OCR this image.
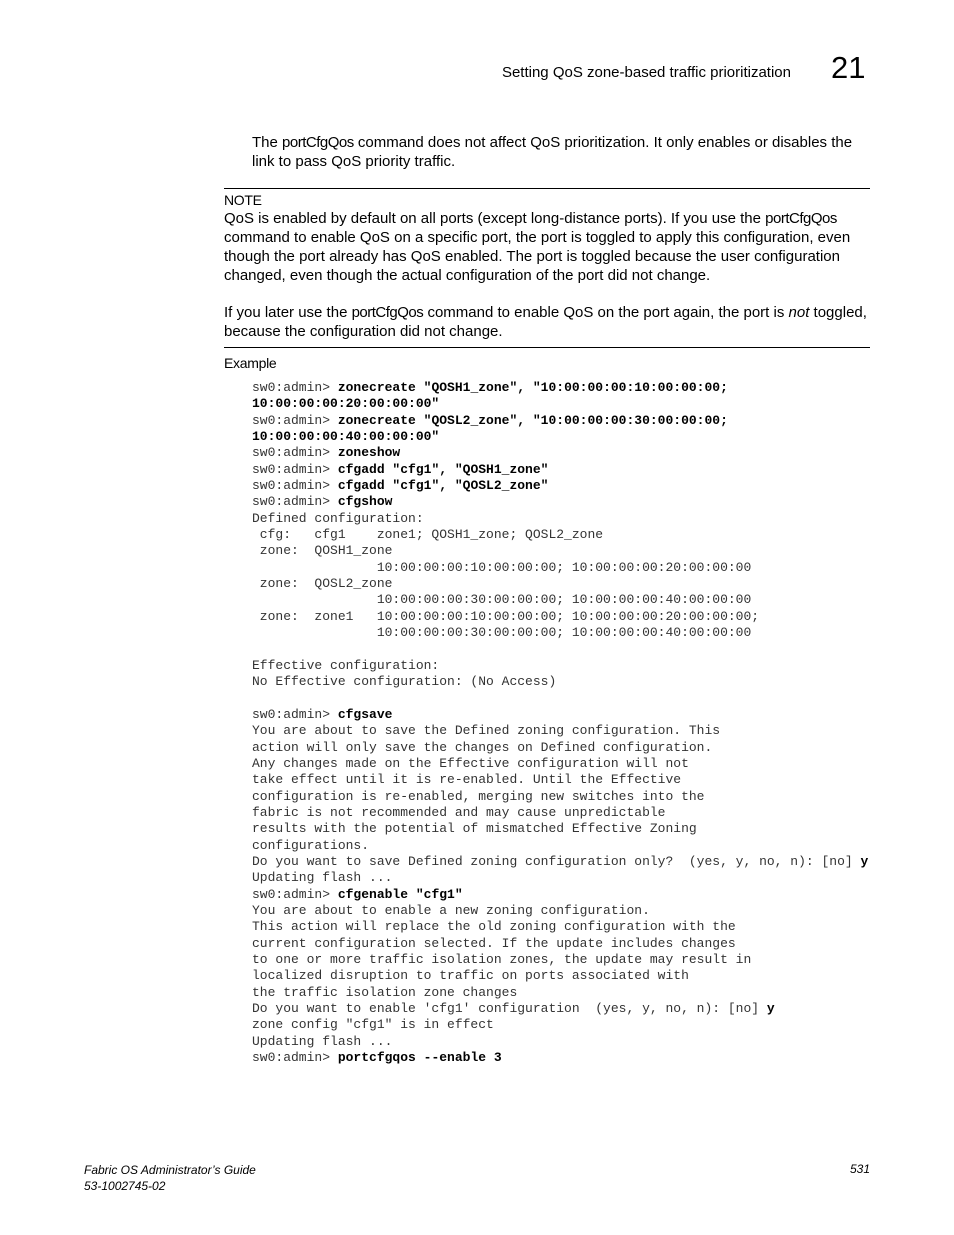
Setting QoS zone-based traffic prioritization 21

The portCfgQos command does not affect QoS prioritization. It only enables or disables the link to pass QoS priority traffic.

NOTE

QoS is enabled by default on all ports (except long-distance ports). If you use the portCfgQos command to enable QoS on a specific port, the port is toggled to apply this configuration, even though the port already has QoS enabled. The port is toggled because the user configuration changed, even though the actual configuration of the port did not change.

If you later use the portCfgQos command to enable QoS on the port again, the port is not toggled, because the configuration did not change.

Example
sw0:admin> zonecreate "QOSH1_zone", "10:00:00:00:10:00:00:00;
10:00:00:00:20:00:00:00"
sw0:admin> zonecreate "QOSL2_zone", "10:00:00:00:30:00:00:00;
10:00:00:00:40:00:00:00"
sw0:admin> zoneshow
sw0:admin> cfgadd "cfg1", "QOSH1_zone"
sw0:admin> cfgadd "cfg1", "QOSL2_zone"
sw0:admin> cfgshow
Defined configuration:
cfg:   cfg1    zone1; QOSH1_zone; QOSL2_zone
zone:  QOSH1_zone
10:00:00:00:10:00:00:00; 10:00:00:00:20:00:00:00
zone:  QOSL2_zone
10:00:00:00:30:00:00:00; 10:00:00:00:40:00:00:00
zone:  zone1   10:00:00:00:10:00:00:00; 10:00:00:00:20:00:00:00;
10:00:00:00:30:00:00:00; 10:00:00:00:40:00:00:00
Effective configuration:
No Effective configuration: (No Access)
sw0:admin> cfgsave
You are about to save the Defined zoning configuration. This
action will only save the changes on Defined configuration.
Any changes made on the Effective configuration will not
take effect until it is re-enabled. Until the Effective
configuration is re-enabled, merging new switches into the
fabric is not recommended and may cause unpredictable
results with the potential of mismatched Effective Zoning
configurations.
Do you want to save Defined zoning configuration only?  (yes, y, no, n): [no] y
Updating flash ...
sw0:admin> cfgenable "cfg1"
You are about to enable a new zoning configuration.
This action will replace the old zoning configuration with the
current configuration selected. If the update includes changes
to one or more traffic isolation zones, the update may result in
localized disruption to traffic on ports associated with
the traffic isolation zone changes
Do you want to enable 'cfg1' configuration  (yes, y, no, n): [no] y
zone config "cfg1" is in effect
Updating flash ...
sw0:admin> portcfgqos --enable 3
Fabric OS Administrator’s Guide
53-1002745-02
531
